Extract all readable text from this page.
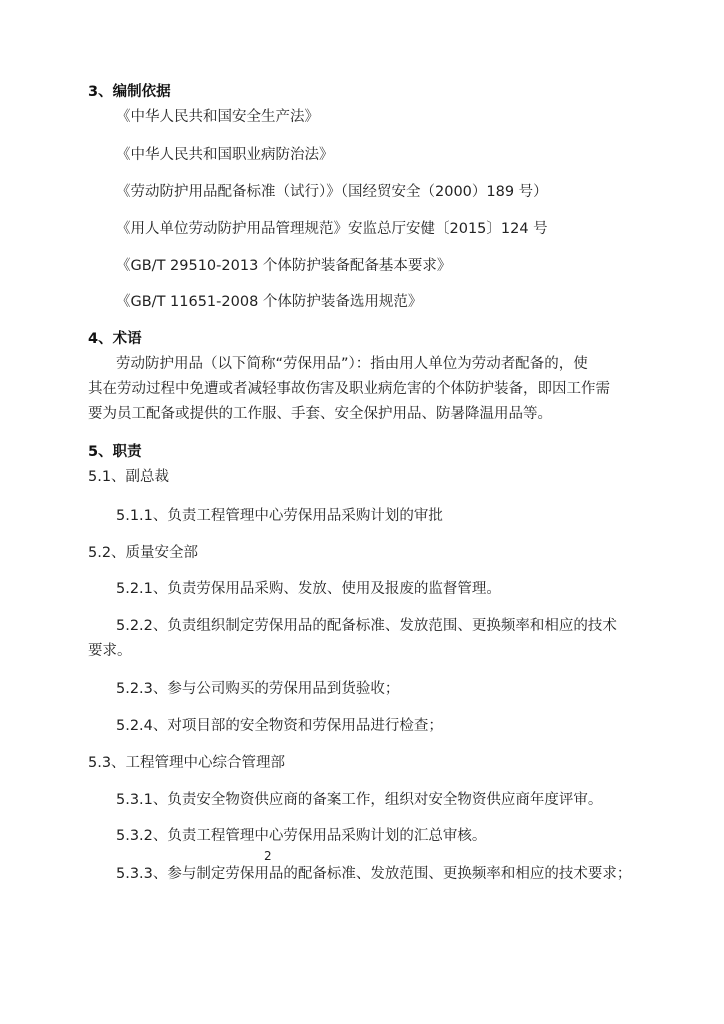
3、编制依据
《中华人民共和国安全生产法》
《中华人民共和国职业病防治法》
《劳动防护用品配备标准（试行）》（国经贸安全（2000）189 号）
《用人单位劳动防护用品管理规范》安监总厅安健〔2015〕124 号
《GB/T 29510-2013 个体防护装备配备基本要求》
《GB/T 11651-2008 个体防护装备选用规范》
4、术语
劳动防护用品（以下简称“劳保用品”）：指由用人单位为劳动者配备的，使
其在劳动过程中免遭或者减轻事故伤害及职业病危害的个体防护装备，即因工作需
要为员工配备或提供的工作服、手套、安全保护用品、防暑降温用品等。
5、职责
5.1、副总裁
5.1.1、负责工程管理中心劳保用品采购计划的审批
5.2、质量安全部
5.2.1、负责劳保用品采购、发放、使用及报废的监督管理。
5.2.2、负责组织制定劳保用品的配备标准、发放范围、更换频率和相应的技术
要求。
5.2.3、参与公司购买的劳保用品到货验收；
5.2.4、对项目部的安全物资和劳保用品进行检查；
5.3、工程管理中心综合管理部
5.3.1、负责安全物资供应商的备案工作，组织对安全物资供应商年度评审。
5.3.2、负责工程管理中心劳保用品采购计划的汇总审核。
2
5.3.3、参与制定劳保用品的配备标准、发放范围、更换频率和相应的技术要求；
